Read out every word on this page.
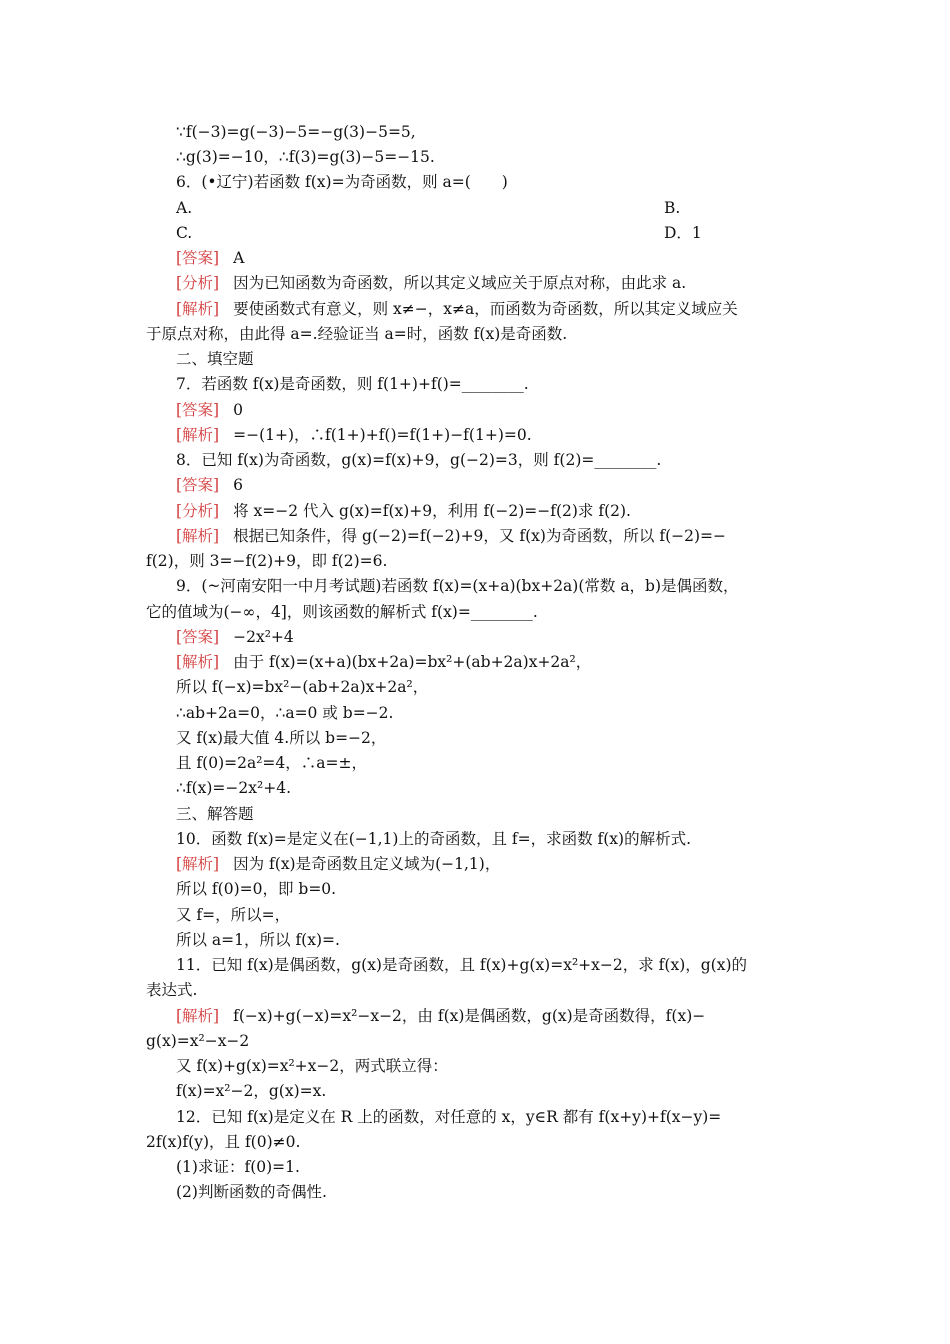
∵f(−3)=g(−3)−5=−g(3)−5=5,
∴g(3)=−10，∴f(3)=g(3)−5=−15.
6．(•辽宁)若函数 f(x)=为奇函数，则 a=(　　)
A.	B.
C.	D．1
[答案] A
[分析] 因为已知函数为奇函数，所以其定义域应关于原点对称，由此求 a.
[解析] 要使函数式有意义，则 x≠−，x≠a，而函数为奇函数，所以其定义域应关
于原点对称，由此得 a=.经验证当 a=时，函数 f(x)是奇函数.
二、填空题
7．若函数 f(x)是奇函数，则 f(1+)+f()=________.
[答案] 0
[解析] =−(1+)，∴f(1+)+f()=f(1+)−f(1+)=0.
8．已知 f(x)为奇函数，g(x)=f(x)+9，g(−2)=3，则 f(2)=________.
[答案] 6
[分析] 将 x=−2 代入 g(x)=f(x)+9，利用 f(−2)=−f(2)求 f(2).
[解析] 根据已知条件，得 g(−2)=f(−2)+9，又 f(x)为奇函数，所以 f(−2)=−
f(2)，则 3=−f(2)+9，即 f(2)=6.
9．(~河南安阳一中月考试题)若函数 f(x)=(x+a)(bx+2a)(常数 a，b)是偶函数，
它的值域为(−∞，4]，则该函数的解析式 f(x)=________.
[答案] −2x²+4
[解析] 由于 f(x)=(x+a)(bx+2a)=bx²+(ab+2a)x+2a²，
所以 f(−x)=bx²−(ab+2a)x+2a²，
∴ab+2a=0，∴a=0 或 b=−2.
又 f(x)最大值 4.所以 b=−2，
且 f(0)=2a²=4，∴a=±，
∴f(x)=−2x²+4.
三、解答题
10．函数 f(x)=是定义在(−1,1)上的奇函数，且 f=，求函数 f(x)的解析式.
[解析] 因为 f(x)是奇函数且定义域为(−1,1)，
所以 f(0)=0，即 b=0.
又 f=，所以=，
所以 a=1，所以 f(x)=.
11．已知 f(x)是偶函数，g(x)是奇函数，且 f(x)+g(x)=x²+x−2，求 f(x)，g(x)的
表达式.
[解析] f(−x)+g(−x)=x²−x−2，由 f(x)是偶函数，g(x)是奇函数得，f(x)−
g(x)=x²−x−2
又 f(x)+g(x)=x²+x−2，两式联立得：
f(x)=x²−2，g(x)=x.
12．已知 f(x)是定义在 R 上的函数，对任意的 x，y∈R 都有 f(x+y)+f(x−y)=
2f(x)f(y)，且 f(0)≠0.
(1)求证：f(0)=1.
(2)判断函数的奇偶性.
